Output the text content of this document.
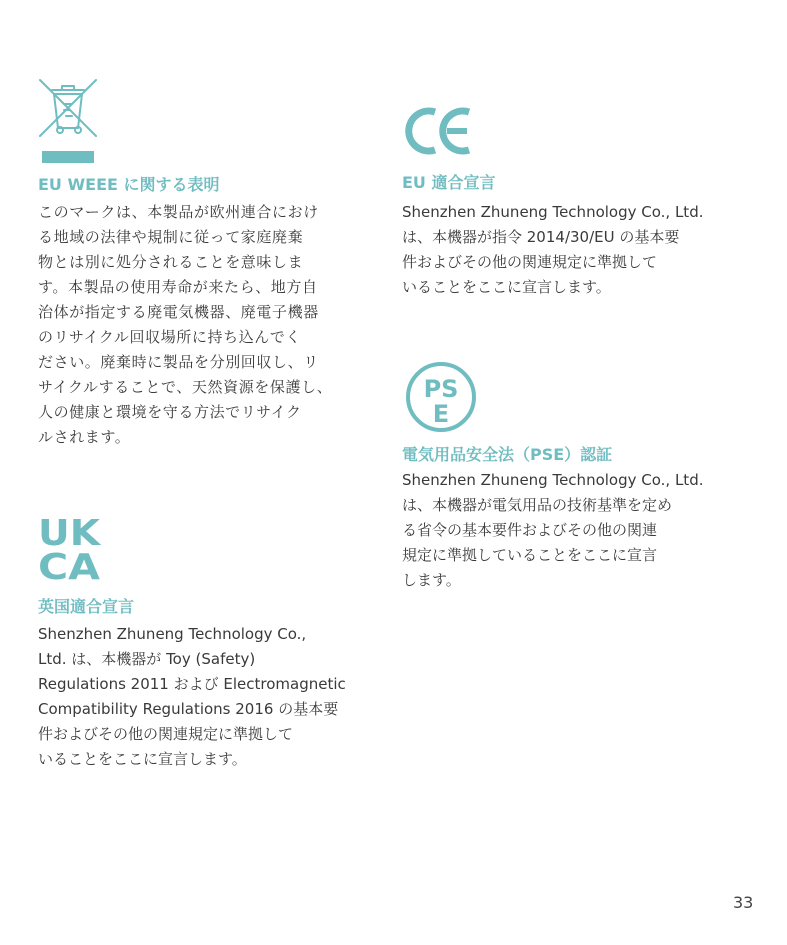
EU WEEE に関する表明
このマークは、本製品が欧州連合におけ
る地域の法律や規制に従って家庭廃棄
物とは別に処分されることを意味しま
す。本製品の使用寿命が来たら、地方自
治体が指定する廃電気機器、廃電子機器
のリサイクル回収場所に持ち込んでく
ださい。廃棄時に製品を分別回収し、リ
サイクルすることで、天然資源を保護し、
人の健康と環境を守る方法でリサイク
ルされます。
UK
CA
英国適合宣言
Shenzhen Zhuneng Technology Co.,
Ltd. は、本機器が Toy (Safety)
Regulations 2011 および Electromagnetic
Compatibility Regulations 2016 の基本要
件およびその他の関連規定に準拠して
いることをここに宣言します。
EU 適合宣言
Shenzhen Zhuneng Technology Co., Ltd.
は、本機器が指令 2014/30/EU の基本要
件およびその他の関連規定に準拠して
いることをここに宣言します。
PS
E
電気用品安全法（PSE）認証
Shenzhen Zhuneng Technology Co., Ltd.
は、本機器が電気用品の技術基準を定め
る省令の基本要件およびその他の関連
規定に準拠していることをここに宣言
します。
33
